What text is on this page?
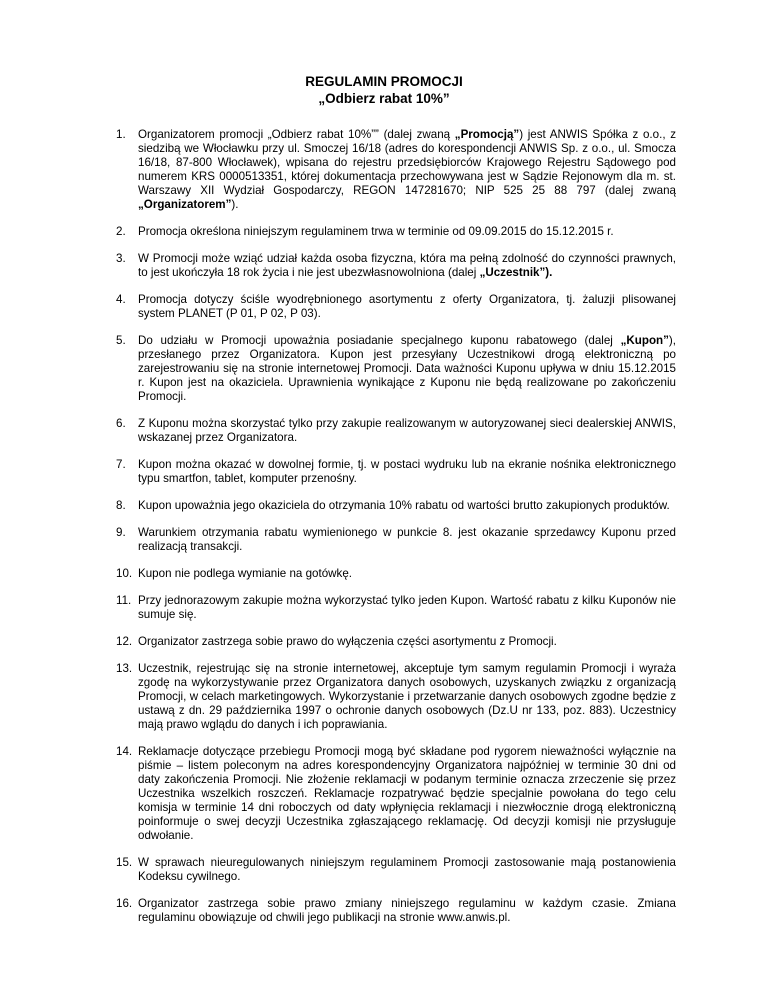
REGULAMIN PROMOCJI
„Odbierz rabat 10%”
1. Organizatorem promocji „Odbierz rabat 10%”” (dalej zwaną „Promocją”) jest ANWIS Spółka z o.o., z siedzibą we Włocławku przy ul. Smoczej 16/18 (adres do korespondencji ANWIS Sp. z o.o., ul. Smocza 16/18, 87-800 Włocławek), wpisana do rejestru przedsiębiorców Krajowego Rejestru Sądowego pod numerem KRS 0000513351, której dokumentacja przechowywana jest w Sądzie Rejonowym dla m. st. Warszawy XII Wydział Gospodarczy, REGON 147281670; NIP 525 25 88 797 (dalej zwaną „Organizatorem”).
2. Promocja określona niniejszym regulaminem trwa w terminie od 09.09.2015 do 15.12.2015 r.
3. W Promocji może wziąć udział każda osoba fizyczna, która ma pełną zdolność do czynności prawnych, to jest ukończyła 18 rok życia i nie jest ubezwłasnowolniona (dalej „Uczestnik”).
4. Promocja dotyczy ściśle wyodrębnionego asortymentu z oferty Organizatora, tj. żaluzji plisowanej system PLANET (P 01, P 02, P 03).
5. Do udziału w Promocji upoważnia posiadanie specjalnego kuponu rabatowego (dalej „Kupon”), przesłanego przez Organizatora. Kupon jest przesyłany Uczestnikowi drogą elektroniczną po zarejestrowaniu się na stronie internetowej Promocji. Data ważności Kuponu upływa w dniu 15.12.2015 r. Kupon jest na okaziciela. Uprawnienia wynikające z Kuponu nie będą realizowane po zakończeniu Promocji.
6. Z Kuponu można skorzystać tylko przy zakupie realizowanym w autoryzowanej sieci dealerskiej ANWIS, wskazanej przez Organizatora.
7. Kupon można okazać w dowolnej formie, tj. w postaci wydruku lub na ekranie nośnika elektronicznego typu smartfon, tablet, komputer przenośny.
8. Kupon upoważnia jego okaziciela do otrzymania 10% rabatu od wartości brutto zakupionych produktów.
9. Warunkiem otrzymania rabatu wymienionego w punkcie 8. jest okazanie sprzedawcy Kuponu przed realizacją transakcji.
10. Kupon nie podlega wymianie na gotówkę.
11. Przy jednorazowym zakupie można wykorzystać tylko jeden Kupon. Wartość rabatu z kilku Kuponów nie sumuje się.
12. Organizator zastrzega sobie prawo do wyłączenia części asortymentu z Promocji.
13. Uczestnik, rejestrując się na stronie internetowej, akceptuje tym samym regulamin Promocji i wyraża zgodę na wykorzystywanie przez Organizatora danych osobowych, uzyskanych związku z organizacją Promocji, w celach marketingowych. Wykorzystanie i przetwarzanie danych osobowych zgodne będzie z ustawą z dn. 29 października 1997 o ochronie danych osobowych (Dz.U nr 133, poz. 883). Uczestnicy mają prawo wglądu do danych i ich poprawiania.
14. Reklamacje dotyczące przebiegu Promocji mogą być składane pod rygorem nieważności wyłącznie na piśmie – listem poleconym na adres korespondencyjny Organizatora najpóźniej w terminie 30 dni od daty zakończenia Promocji. Nie złożenie reklamacji w podanym terminie oznacza zrzeczenie się przez Uczestnika wszelkich roszczeń. Reklamacje rozpatrywać będzie specjalnie powołana do tego celu komisja w terminie 14 dni roboczych od daty wpłynięcia reklamacji i niezwłocznie drogą elektroniczną poinformuje o swej decyzji Uczestnika zgłaszającego reklamację. Od decyzji komisji nie przysługuje odwołanie.
15. W sprawach nieuregulowanych niniejszym regulaminem Promocji zastosowanie mają postanowienia Kodeksu cywilnego.
16. Organizator zastrzega sobie prawo zmiany niniejszego regulaminu w każdym czasie. Zmiana regulaminu obowiązuje od chwili jego publikacji na stronie www.anwis.pl.
